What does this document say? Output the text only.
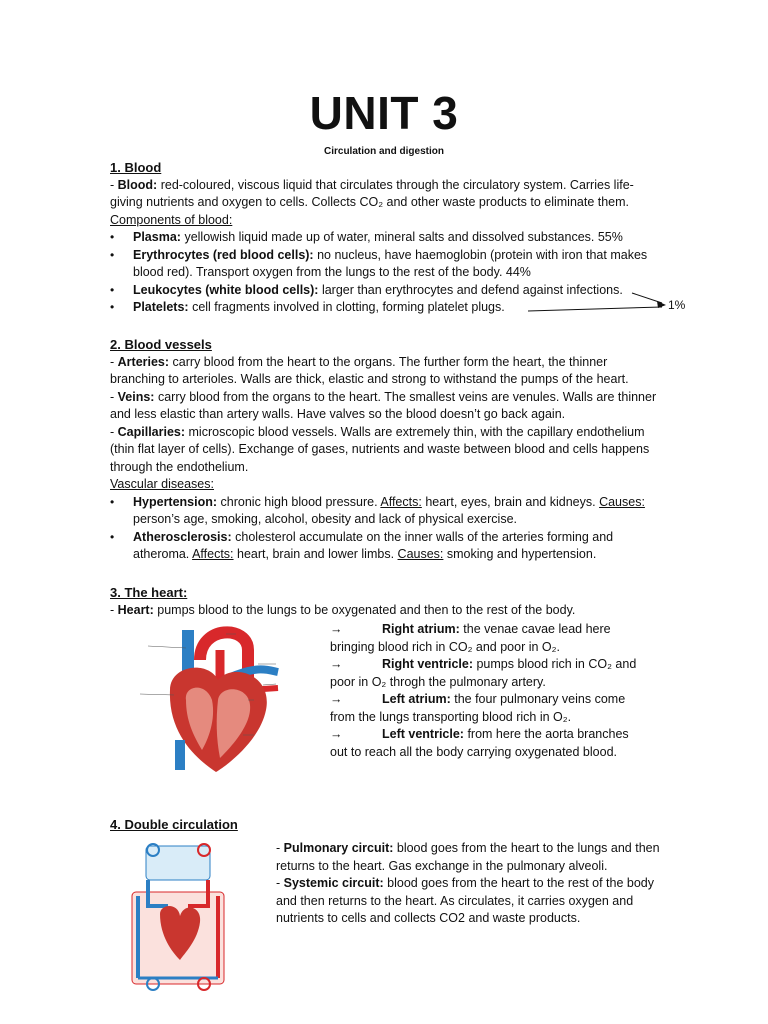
UNIT 3
Circulation and digestion
1. Blood

- Blood: red-coloured, viscous liquid that circulates through the circulatory system. Carries life-giving nutrients and oxygen to cells. Collects CO₂ and other waste products to eliminate them.

Components of blood:
• Plasma: yellowish liquid made up of water, mineral salts and dissolved substances. 55%
• Erythrocytes (red blood cells): no nucleus, have haemoglobin (protein with iron that makes blood red). Transport oxygen from the lungs to the rest of the body. 44%
• Leukocytes (white blood cells): larger than erythrocytes and defend against infections.
• Platelets: cell fragments involved in clotting, forming platelet plugs.	1%
2. Blood vessels

- Arteries: carry blood from the heart to the organs. The further form the heart, the thinner branching to arterioles. Walls are thick, elastic and strong to withstand the pumps of the heart.

- Veins: carry blood from the organs to the heart. The smallest veins are venules. Walls are thinner and less elastic than artery walls. Have valves so the blood doesn’t go back again.

- Capillaries: microscopic blood vessels. Walls are extremely thin, with the capillary endothelium (thin flat layer of cells). Exchange of gases, nutrients and waste between blood and cells happens through the endothelium.

Vascular diseases:
• Hypertension: chronic high blood pressure. Affects: heart, eyes, brain and kidneys. Causes: person’s age, smoking, alcohol, obesity and lack of physical exercise.
• Atherosclerosis: cholesterol accumulate on the inner walls of the arteries forming and atheroma. Affects: heart, brain and lower limbs. Causes: smoking and hypertension.
3. The heart:

- Heart: pumps blood to the lungs to be oxygenated and then to the rest of the body.

→	Right atrium: the venae cavae lead here
bringing blood rich in CO₂ and poor in O₂.
→	Right ventricle: pumps blood rich in CO₂ and
poor in O₂ throgh the pulmonary artery.
→	Left atrium: the four pulmonary veins come
from the lungs transporting blood rich in O₂.
→	Left ventricle: from here the aorta branches
out to reach all the body carrying oxygenated blood.
4. Double circulation

- Pulmonary circuit: blood goes from the heart to the lungs and then returns to the heart. Gas exchange in the pulmonary alveoli.

- Systemic circuit: blood goes from the heart to the rest of the body and then returns to the heart. As circulates, it carries oxygen and nutrients to cells and collects CO2 and waste products.
